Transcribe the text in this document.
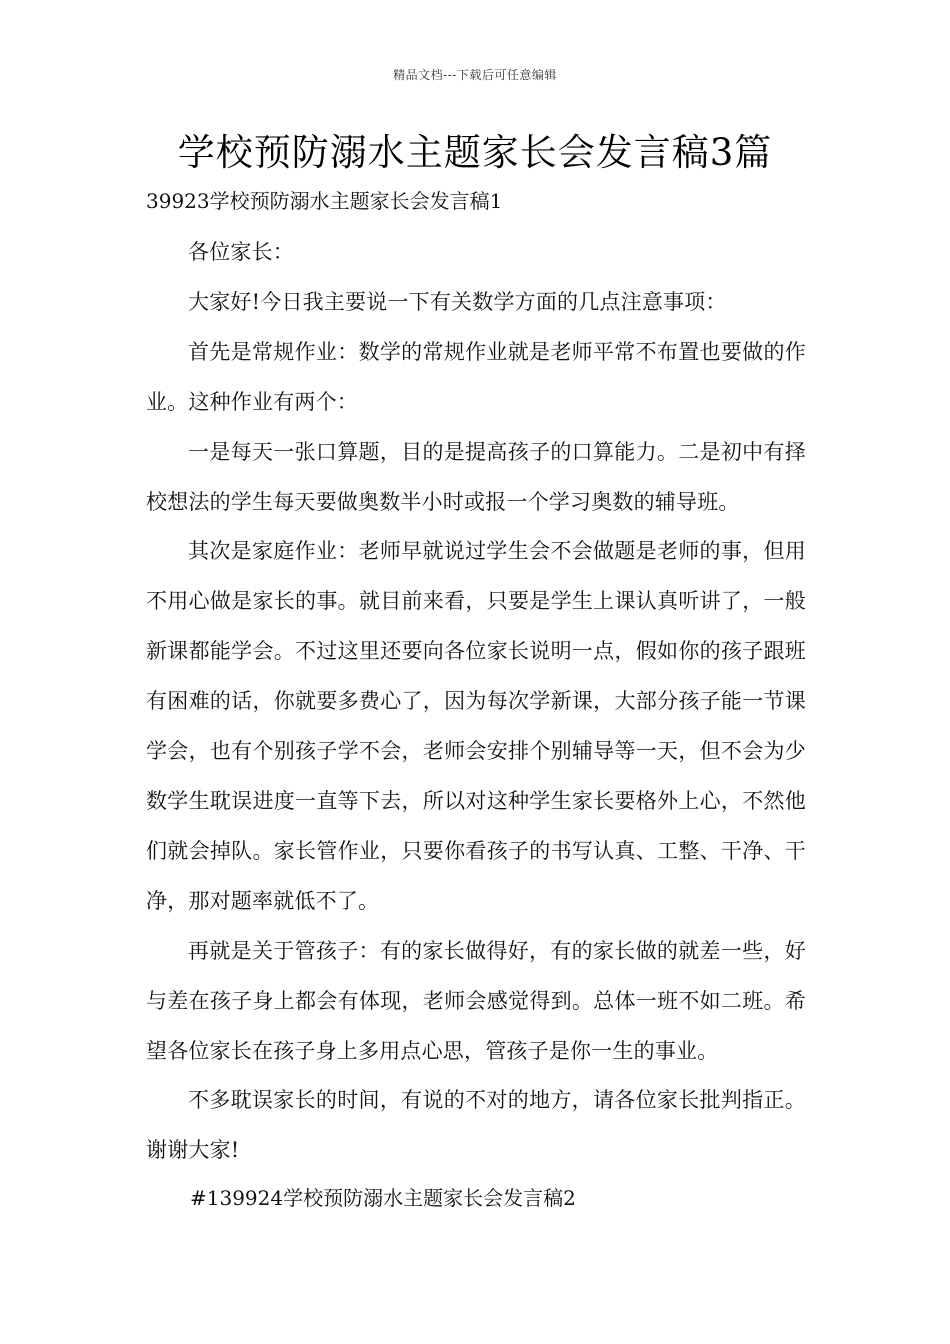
精品文档---下载后可任意编辑
学校预防溺水主题家长会发言稿3篇
39923学校预防溺水主题家长会发言稿1

各位家长：

大家好!今日我主要说一下有关数学方面的几点注意事项：

首先是常规作业：数学的常规作业就是老师平常不布置也要做的作业。这种作业有两个：

一是每天一张口算题，目的是提高孩子的口算能力。二是初中有择校想法的学生每天要做奥数半小时或报一个学习奥数的辅导班。

其次是家庭作业：老师早就说过学生会不会做题是老师的事，但用不用心做是家长的事。就目前来看，只要是学生上课认真听讲了，一般新课都能学会。不过这里还要向各位家长说明一点，假如你的孩子跟班有困难的话，你就要多费心了，因为每次学新课，大部分孩子能一节课学会，也有个别孩子学不会，老师会安排个别辅导等一天，但不会为少数学生耽误进度一直等下去，所以对这种学生家长要格外上心，不然他们就会掉队。家长管作业，只要你看孩子的书写认真、工整、干净、干净，那对题率就低不了。

再就是关于管孩子：有的家长做得好，有的家长做的就差一些，好与差在孩子身上都会有体现，老师会感觉得到。总体一班不如二班。希望各位家长在孩子身上多用点心思，管孩子是你一生的事业。

不多耽误家长的时间，有说的不对的地方，请各位家长批判指正。谢谢大家!

#139924学校预防溺水主题家长会发言稿2
